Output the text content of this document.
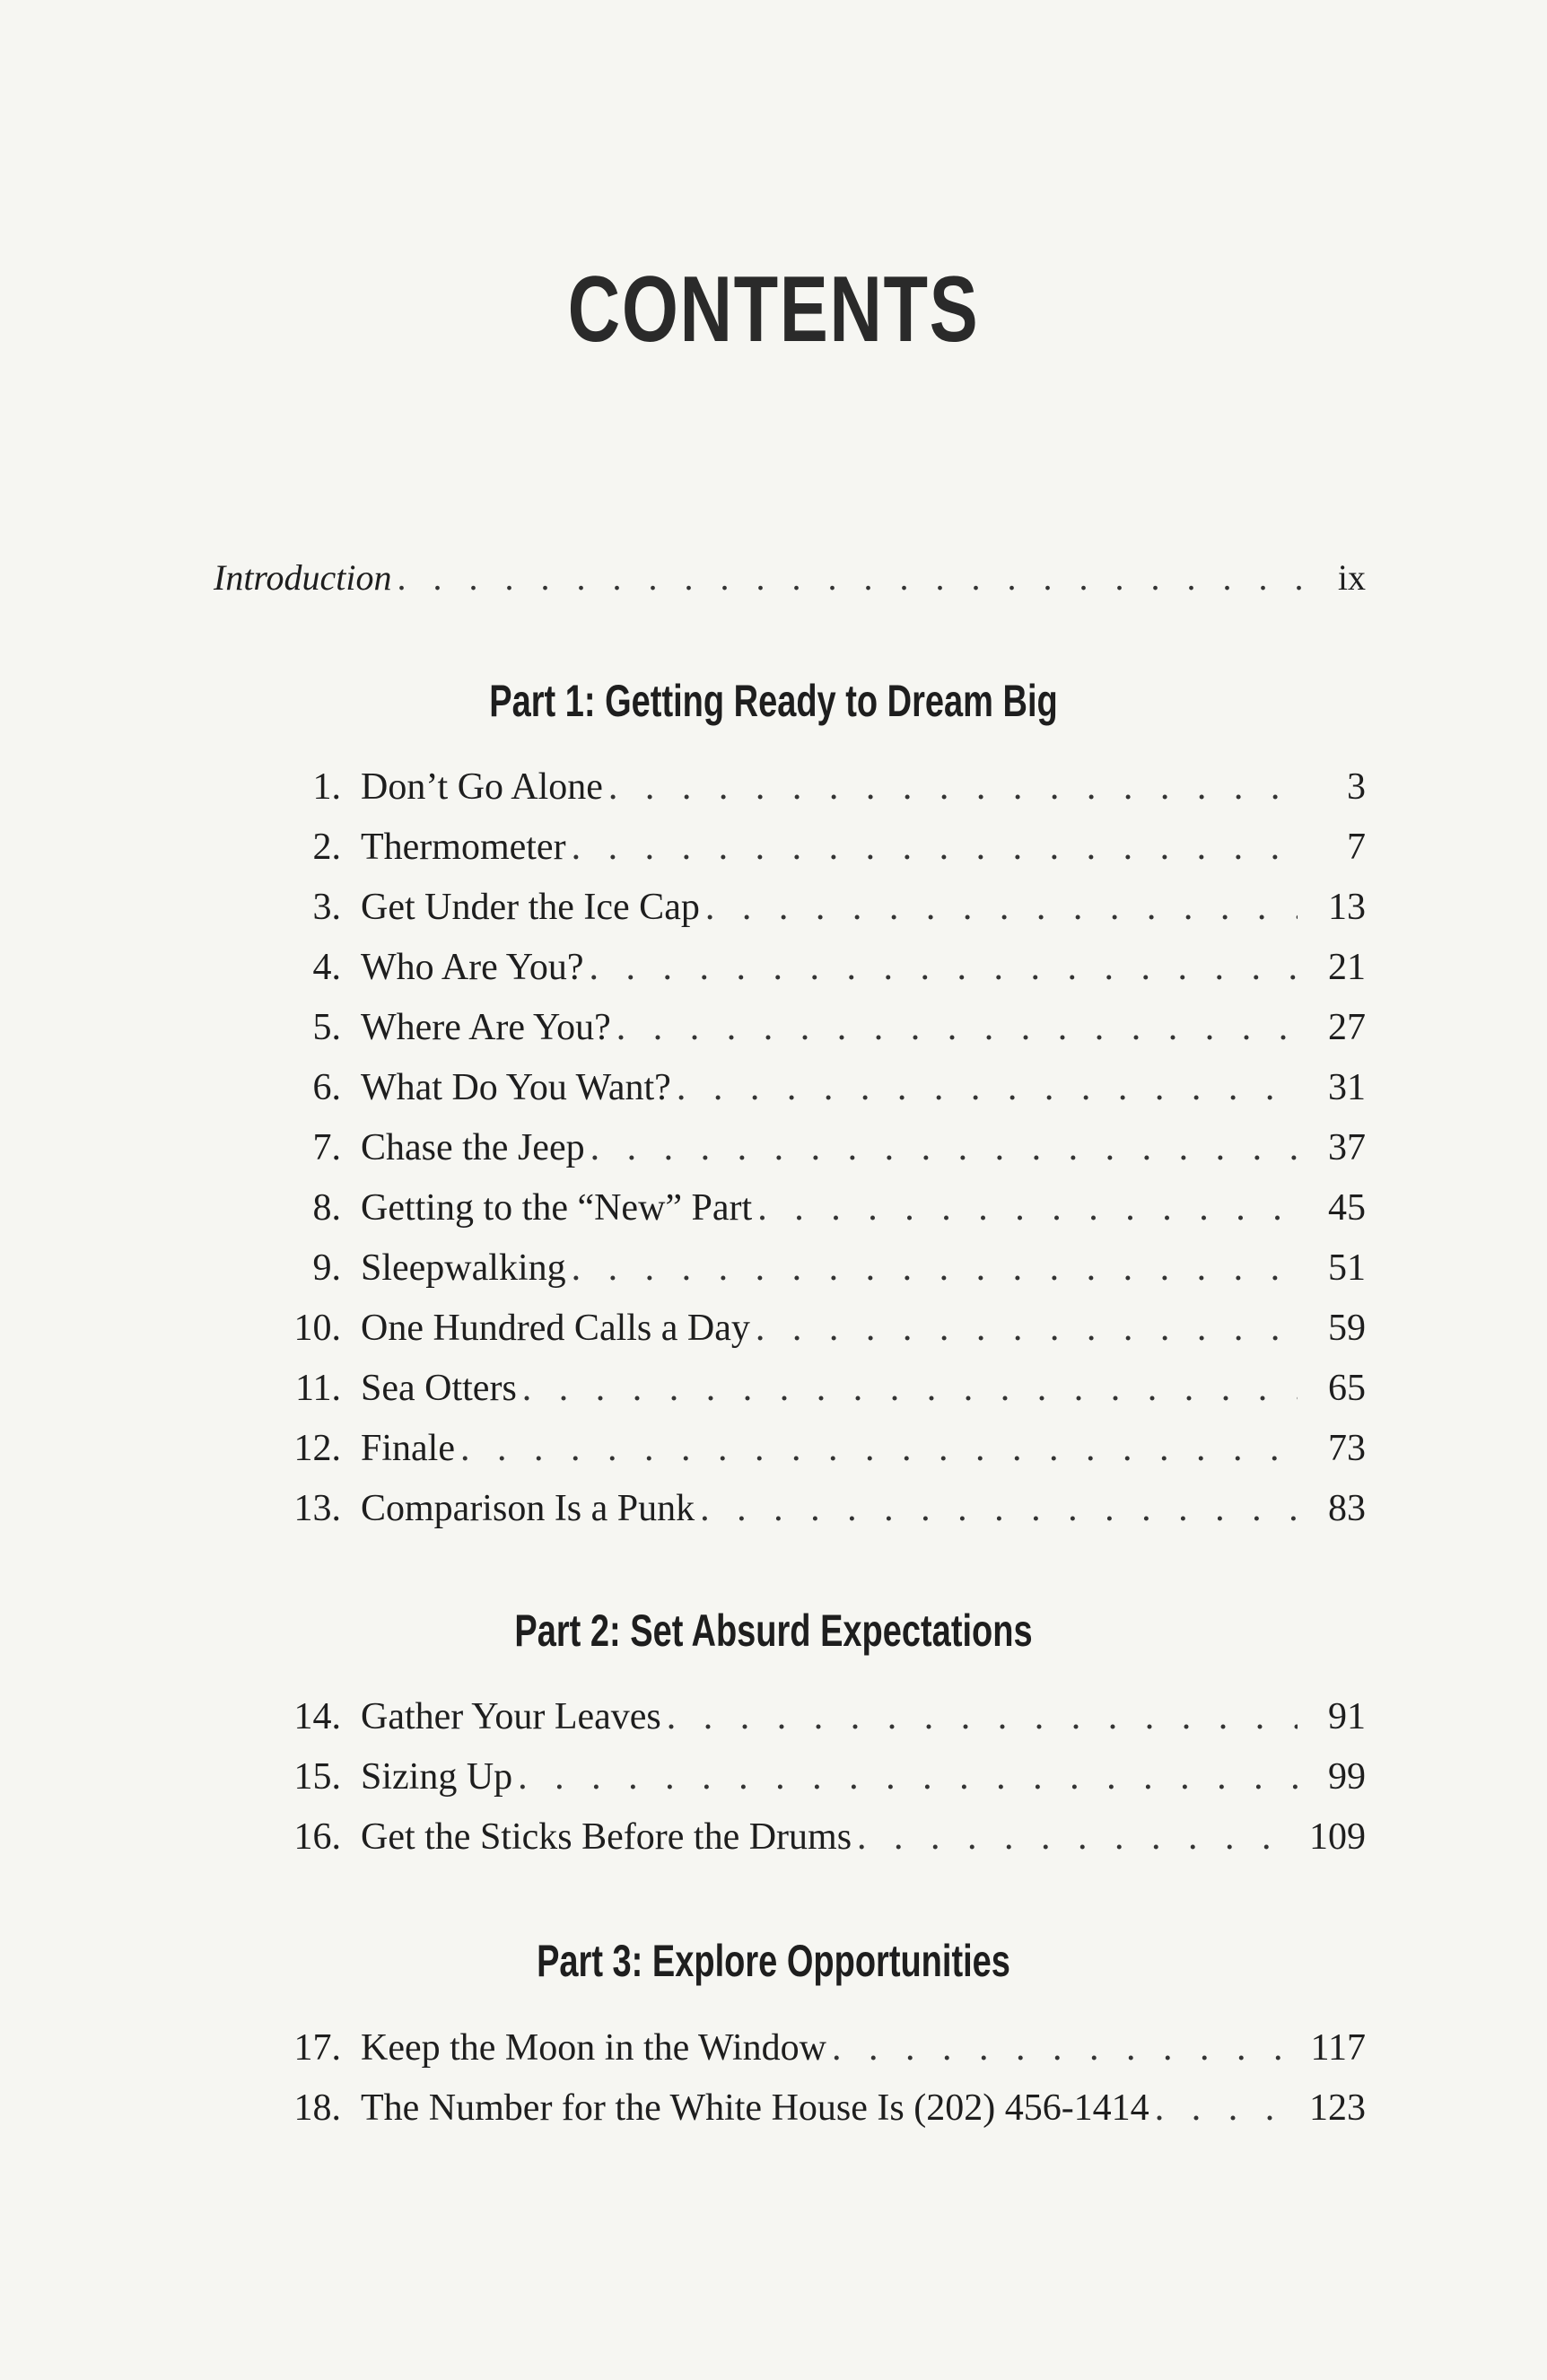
CONTENTS
Introduction . . .	ix
Part 1: Getting Ready to Dream Big
1. Don’t Go Alone . . .	3
2. Thermometer . . .	7
3. Get Under the Ice Cap . . .	13
4. Who Are You? . . .	21
5. Where Are You? . . .	27
6. What Do You Want? . . .	31
7. Chase the Jeep . . .	37
8. Getting to the “New” Part . . .	45
9. Sleepwalking . . .	51
10. One Hundred Calls a Day . . .	59
11. Sea Otters . . .	65
12. Finale . . .	73
13. Comparison Is a Punk . . .	83
Part 2: Set Absurd Expectations
14. Gather Your Leaves . . .	91
15. Sizing Up . . .	99
16. Get the Sticks Before the Drums . . .	109
Part 3: Explore Opportunities
17. Keep the Moon in the Window . . .	117
18. The Number for the White House Is (202) 456-1414 . . .	123
